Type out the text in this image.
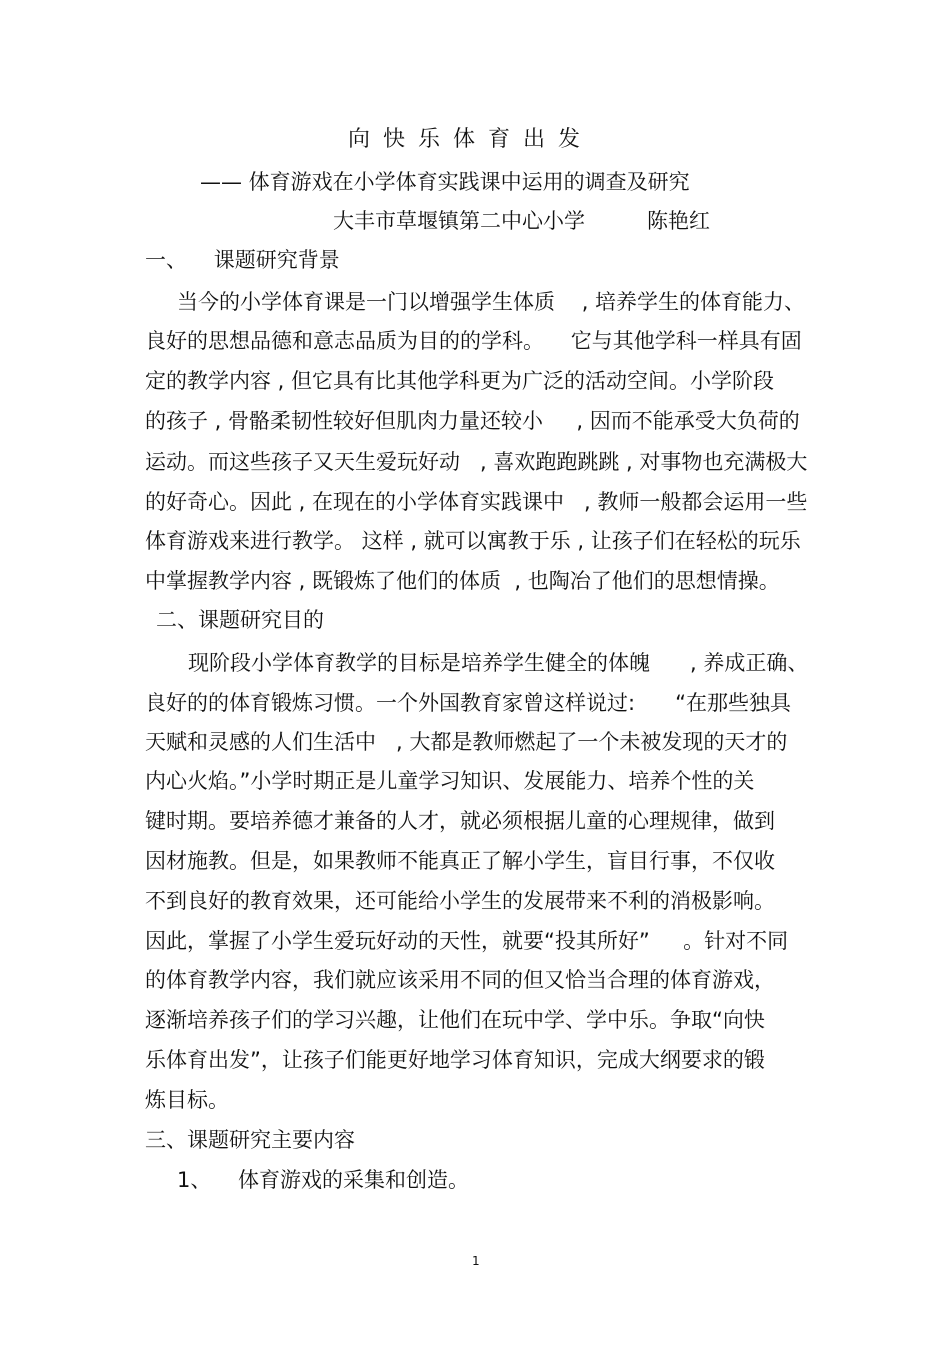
向快乐体育出发
—— 体育游戏在小学体育实践课中运用的调查及研究
大丰市草堰镇第二中心小学	陈艳红
一、    课题研究背景
当今的小学体育课是一门以增强学生体质    , 培养学生的体育能力、
良好的思想品德和意志品质为目的的学科。    它与其他学科一样具有固
定的教学内容 , 但它具有比其他学科更为广泛的活动空间。小学阶段
的孩子 , 骨骼柔韧性较好但肌肉力量还较小     , 因而不能承受大负荷的
运动。而这些孩子又天生爱玩好动   , 喜欢跑跑跳跳 , 对事物也充满极大
的好奇心。因此 , 在现在的小学体育实践课中   , 教师一般都会运用一些
体育游戏来进行教学。 这样 , 就可以寓教于乐 , 让孩子们在轻松的玩乐
中掌握教学内容 , 既锻炼了他们的体质  , 也陶冶了他们的思想情操。
二、课题研究目的
现阶段小学体育教学的目标是培养学生健全的体魄      , 养成正确、
良好的的体育锻炼习惯。一个外国教育家曾这样说过:      “在那些独具
天赋和灵感的人们生活中   , 大都是教师燃起了一个未被发现的天才的
内心火焰。”小学时期正是儿童学习知识、发展能力、培养个性的关
键时期。要培养德才兼备的人才，就必须根据儿童的心理规律，做到
因材施教。但是，如果教师不能真正了解小学生，盲目行事，不仅收
不到良好的教育效果，还可能给小学生的发展带来不利的消极影响。
因此，掌握了小学生爱玩好动的天性，就要“投其所好”     。针对不同
的体育教学内容，我们就应该采用不同的但又恰当合理的体育游戏，
逐渐培养孩子们的学习兴趣，让他们在玩中学、学中乐。争取“向快
乐体育出发”，让孩子们能更好地学习体育知识，完成大纲要求的锻
炼目标。
三、课题研究主要内容
1、    体育游戏的采集和创造。
1
